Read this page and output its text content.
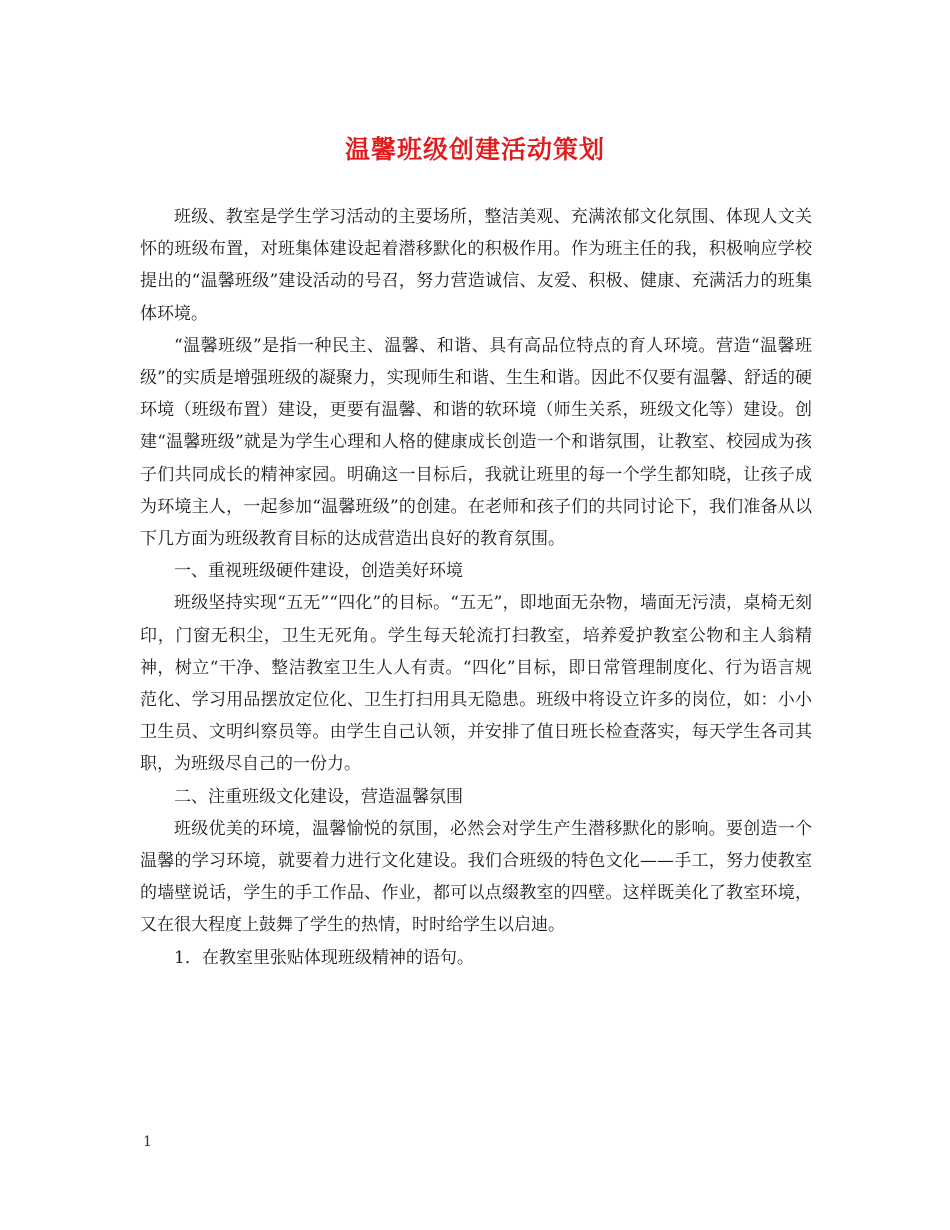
温馨班级创建活动策划

班级、教室是学生学习活动的主要场所，整洁美观、充满浓郁文化氛围、体现人文关怀的班级布置，对班集体建设起着潜移默化的积极作用。作为班主任的我，积极响应学校提出的“温馨班级”建设活动的号召，努力营造诚信、友爱、积极、健康、充满活力的班集体环境。

“温馨班级”是指一种民主、温馨、和谐、具有高品位特点的育人环境。营造“温馨班级”的实质是增强班级的凝聚力，实现师生和谐、生生和谐。因此不仅要有温馨、舒适的硬环境（班级布置）建设，更要有温馨、和谐的软环境（师生关系，班级文化等）建设。创建“温馨班级”就是为学生心理和人格的健康成长创造一个和谐氛围，让教室、校园成为孩子们共同成长的精神家园。明确这一目标后，我就让班里的每一个学生都知晓，让孩子成为环境主人，一起参加“温馨班级”的创建。在老师和孩子们的共同讨论下，我们准备从以下几方面为班级教育目标的达成营造出良好的教育氛围。

一、重视班级硬件建设，创造美好环境

班级坚持实现“五无”“四化”的目标。“五无”，即地面无杂物，墙面无污渍，桌椅无刻印，门窗无积尘，卫生无死角。学生每天轮流打扫教室，培养爱护教室公物和主人翁精神，树立“干净、整洁教室卫生人人有责。“四化”目标，即日常管理制度化、行为语言规范化、学习用品摆放定位化、卫生打扫用具无隐患。班级中将设立许多的岗位，如：小小卫生员、文明纠察员等。由学生自己认领，并安排了值日班长检查落实，每天学生各司其职，为班级尽自己的一份力。

二、注重班级文化建设，营造温馨氛围

班级优美的环境，温馨愉悦的氛围，必然会对学生产生潜移默化的影响。要创造一个温馨的学习环境，就要着力进行文化建设。我们合班级的特色文化——手工，努力使教室的墙壁说话，学生的手工作品、作业，都可以点缀教室的四壁。这样既美化了教室环境，又在很大程度上鼓舞了学生的热情，时时给学生以启迪。

1．在教室里张贴体现班级精神的语句。

1
